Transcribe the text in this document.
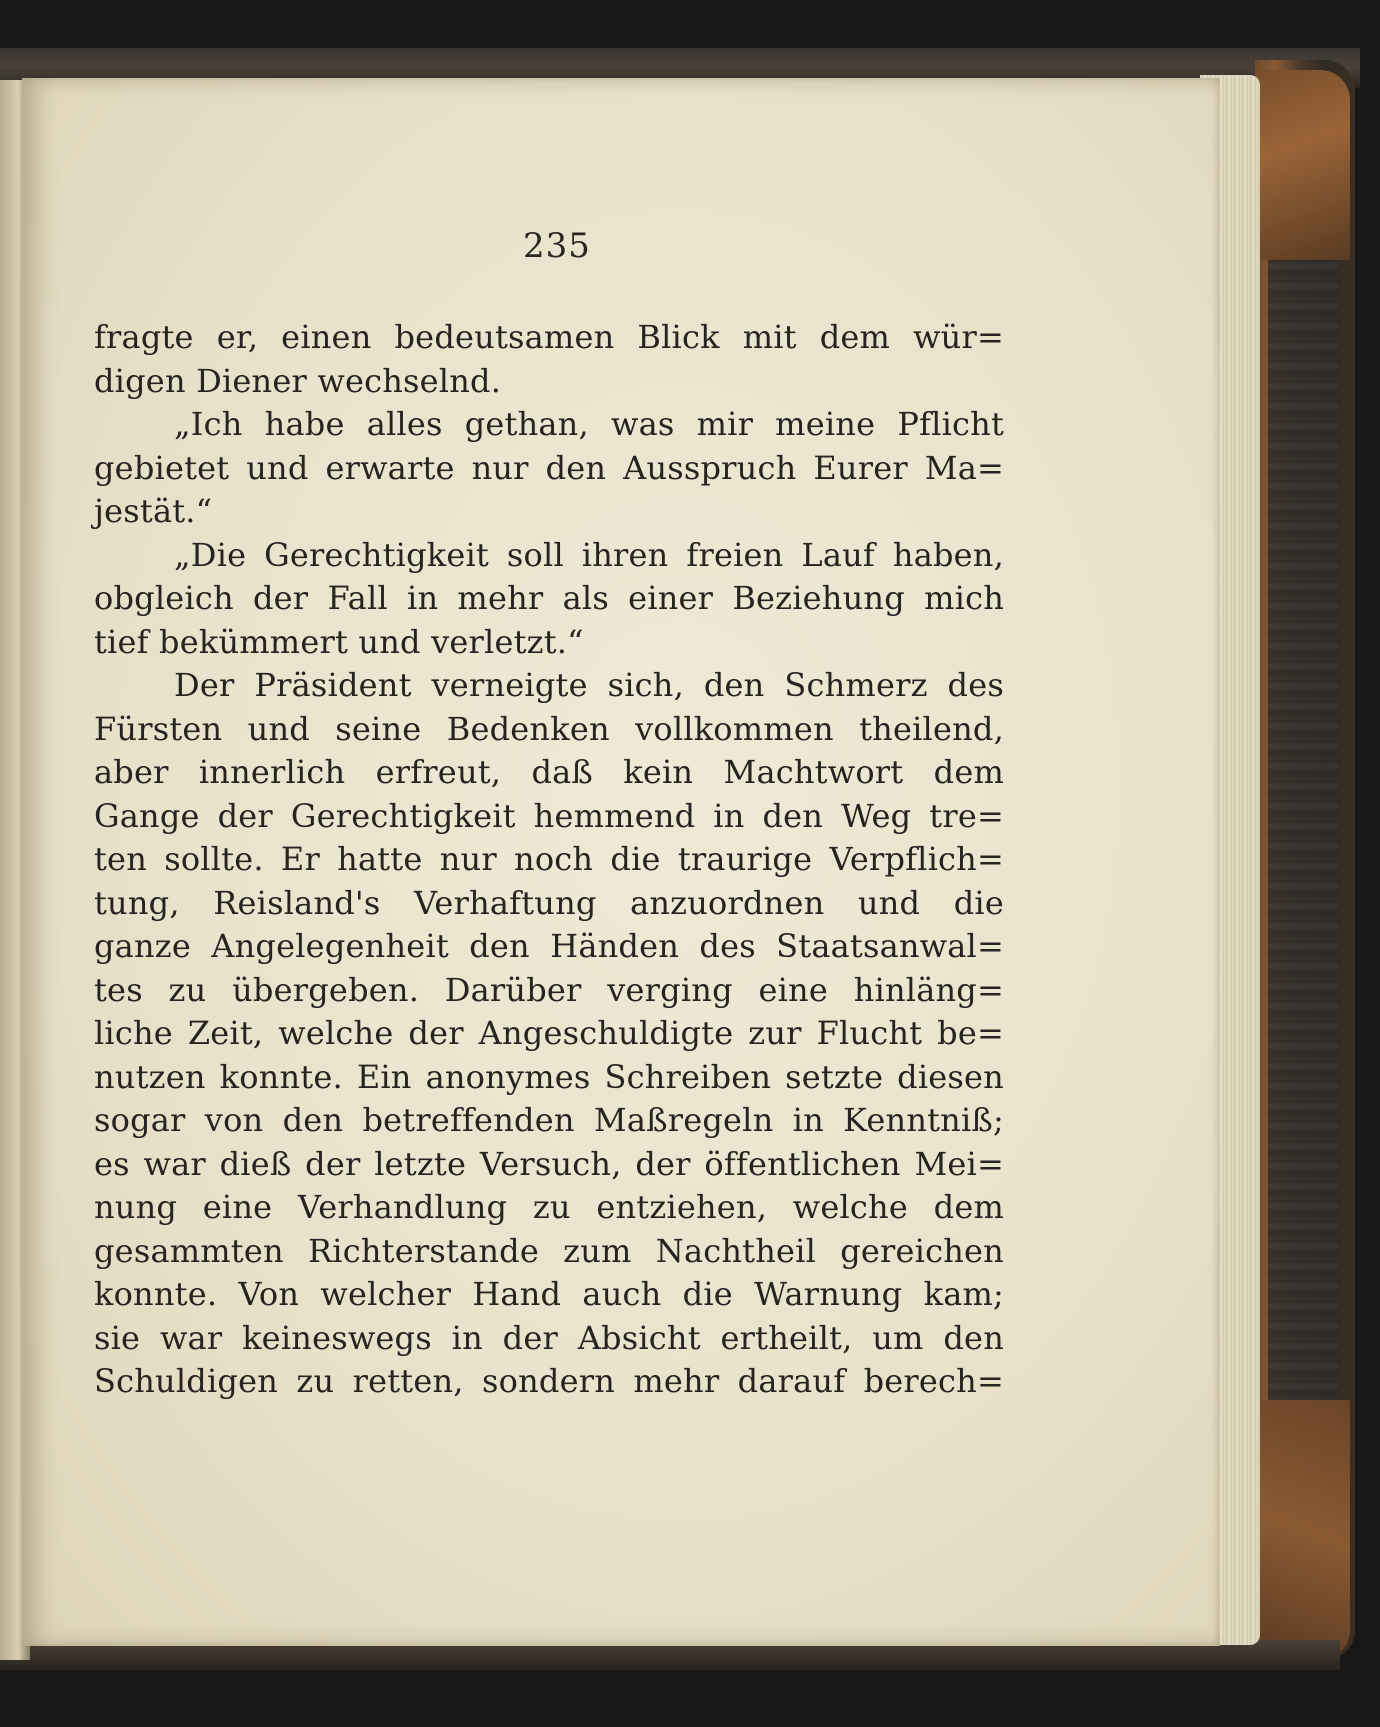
235
fragte er, einen bedeutsamen Blick mit dem wür=
digen Diener wechselnd.
„Ich habe alles gethan, was mir meine Pflicht
gebietet und erwarte nur den Ausspruch Eurer Ma=
jestät.“
„Die Gerechtigkeit soll ihren freien Lauf haben,
obgleich der Fall in mehr als einer Beziehung mich
tief bekümmert und verletzt.“
Der Präsident verneigte sich, den Schmerz des
Fürsten und seine Bedenken vollkommen theilend,
aber innerlich erfreut, daß kein Machtwort dem
Gange der Gerechtigkeit hemmend in den Weg tre=
ten sollte. Er hatte nur noch die traurige Verpflich=
tung, Reisland's Verhaftung anzuordnen und die
ganze Angelegenheit den Händen des Staatsanwal=
tes zu übergeben. Darüber verging eine hinläng=
liche Zeit, welche der Angeschuldigte zur Flucht be=
nutzen konnte. Ein anonymes Schreiben setzte diesen
sogar von den betreffenden Maßregeln in Kenntniß;
es war dieß der letzte Versuch, der öffentlichen Mei=
nung eine Verhandlung zu entziehen, welche dem
gesammten Richterstande zum Nachtheil gereichen
konnte. Von welcher Hand auch die Warnung kam;
sie war keineswegs in der Absicht ertheilt, um den
Schuldigen zu retten, sondern mehr darauf berech=
